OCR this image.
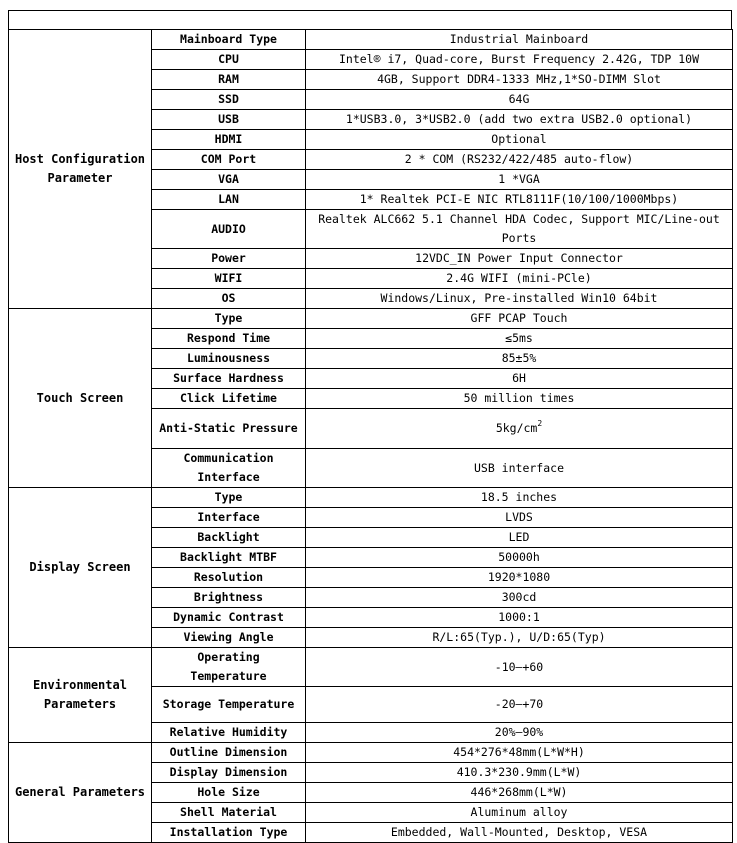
Host Configuration Parameter	Mainboard Type	Industrial Mainboard
	CPU	Intel® i7, Quad-core, Burst Frequency 2.42G, TDP 10W
	RAM	4GB, Support DDR4-1333 MHz,1*SO-DIMM Slot
	SSD	64G
	USB	1*USB3.0, 3*USB2.0 (add two extra USB2.0 optional)
	HDMI	Optional
	COM Port	2 * COM (RS232/422/485 auto-flow)
	VGA	1 *VGA
	LAN	1* Realtek PCI-E NIC RTL8111F(10/100/1000Mbps)
	AUDIO	Realtek ALC662 5.1 Channel HDA Codec, Support MIC/Line-out Ports
	Power	12VDC_IN Power Input Connector
	WIFI	2.4G WIFI (mini-PCle)
	OS	Windows/Linux, Pre-installed Win10 64bit
Touch Screen	Type	GFF PCAP Touch
	Respond Time	≤5ms
	Luminousness	85±5%
	Surface Hardness	6H
	Click Lifetime	50 million times
	Anti-Static Pressure	$5kg/cm^2$
	Communication Interface	USB interface
Display Screen	Type	18.5 inches
	Interface	LVDS
	Backlight	LED
	Backlight MTBF	50000h
	Resolution	1920*1080
	Brightness	300cd
	Dynamic Contrast	1000:1
	Viewing Angle	R/L:65(Typ.), U/D:65(Typ)
Environmental Parameters	Operating Temperature	-10—+60
	Storage Temperature	-20—+70
	Relative Humidity	20%—90%
General Parameters	Outline Dimension	454*276*48mm(L*W*H)
	Display Dimension	410.3*230.9mm(L*W)
	Hole Size	446*268mm(L*W)
	Shell Material	Aluminum alloy
	Installation Type	Embedded, Wall-Mounted, Desktop, VESA
